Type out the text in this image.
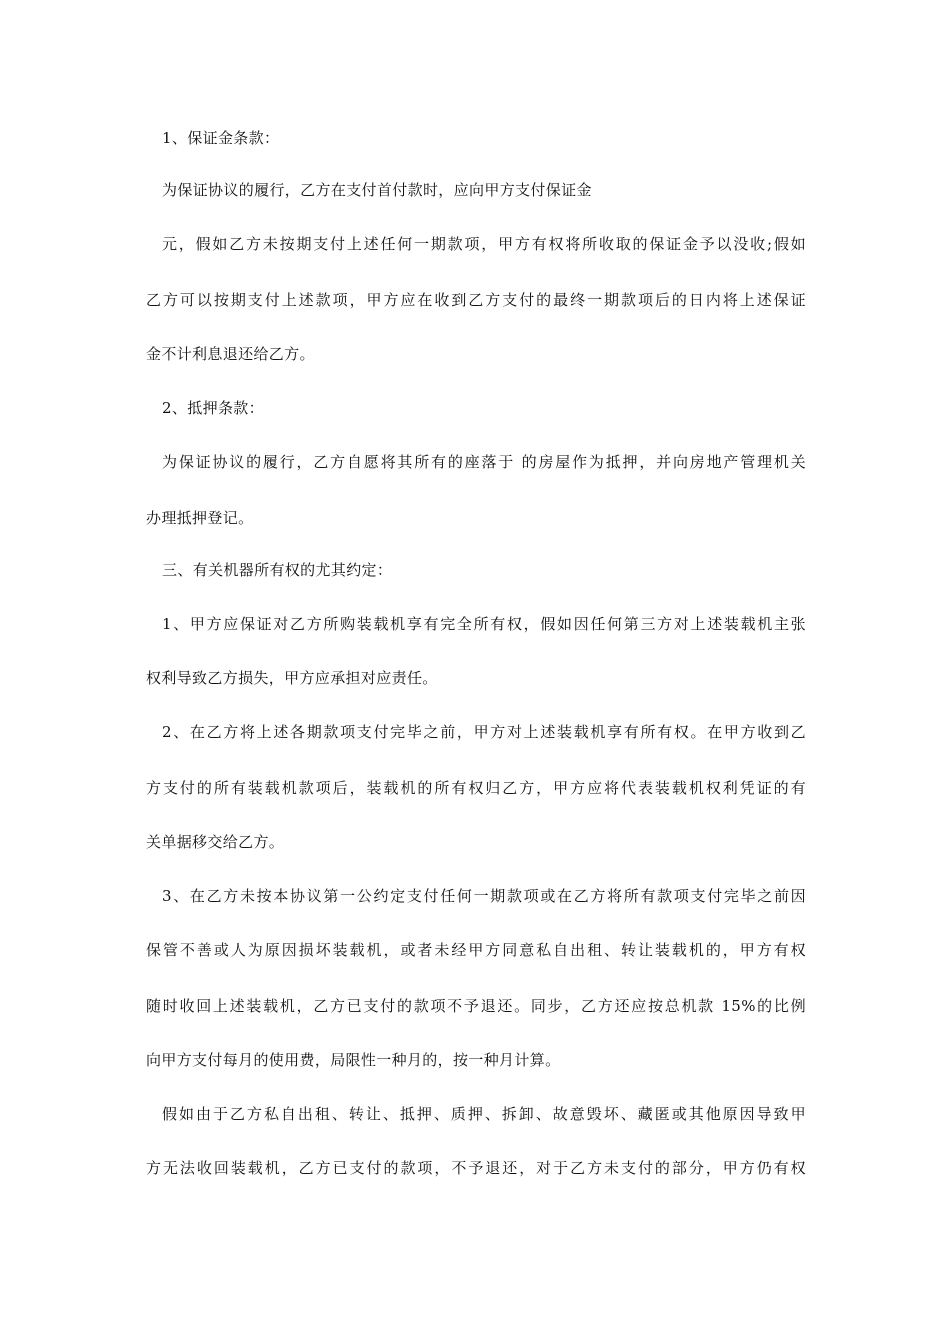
1、保证金条款：
为保证协议的履行，乙方在支付首付款时，应向甲方支付保证金
元，假如乙方未按期支付上述任何一期款项，甲方有权将所收取的保证金予以没收;假如
乙方可以按期支付上述款项，甲方应在收到乙方支付的最终一期款项后的日内将上述保证
金不计利息退还给乙方。
2、抵押条款：
为保证协议的履行，乙方自愿将其所有的座落于 的房屋作为抵押，并向房地产管理机关
办理抵押登记。
三、有关机器所有权的尤其约定：
1、甲方应保证对乙方所购装载机享有完全所有权，假如因任何第三方对上述装载机主张
权利导致乙方损失，甲方应承担对应责任。
2、在乙方将上述各期款项支付完毕之前，甲方对上述装载机享有所有权。在甲方收到乙
方支付的所有装载机款项后，装载机的所有权归乙方，甲方应将代表装载机权利凭证的有
关单据移交给乙方。
3、在乙方未按本协议第一公约定支付任何一期款项或在乙方将所有款项支付完毕之前因
保管不善或人为原因损坏装载机，或者未经甲方同意私自出租、转让装载机的，甲方有权
随时收回上述装载机，乙方已支付的款项不予退还。同步，乙方还应按总机款 15%的比例
向甲方支付每月的使用费，局限性一种月的，按一种月计算。
假如由于乙方私自出租、转让、抵押、质押、拆卸、故意毁坏、藏匿或其他原因导致甲
方无法收回装载机，乙方已支付的款项，不予退还，对于乙方未支付的部分，甲方仍有权
